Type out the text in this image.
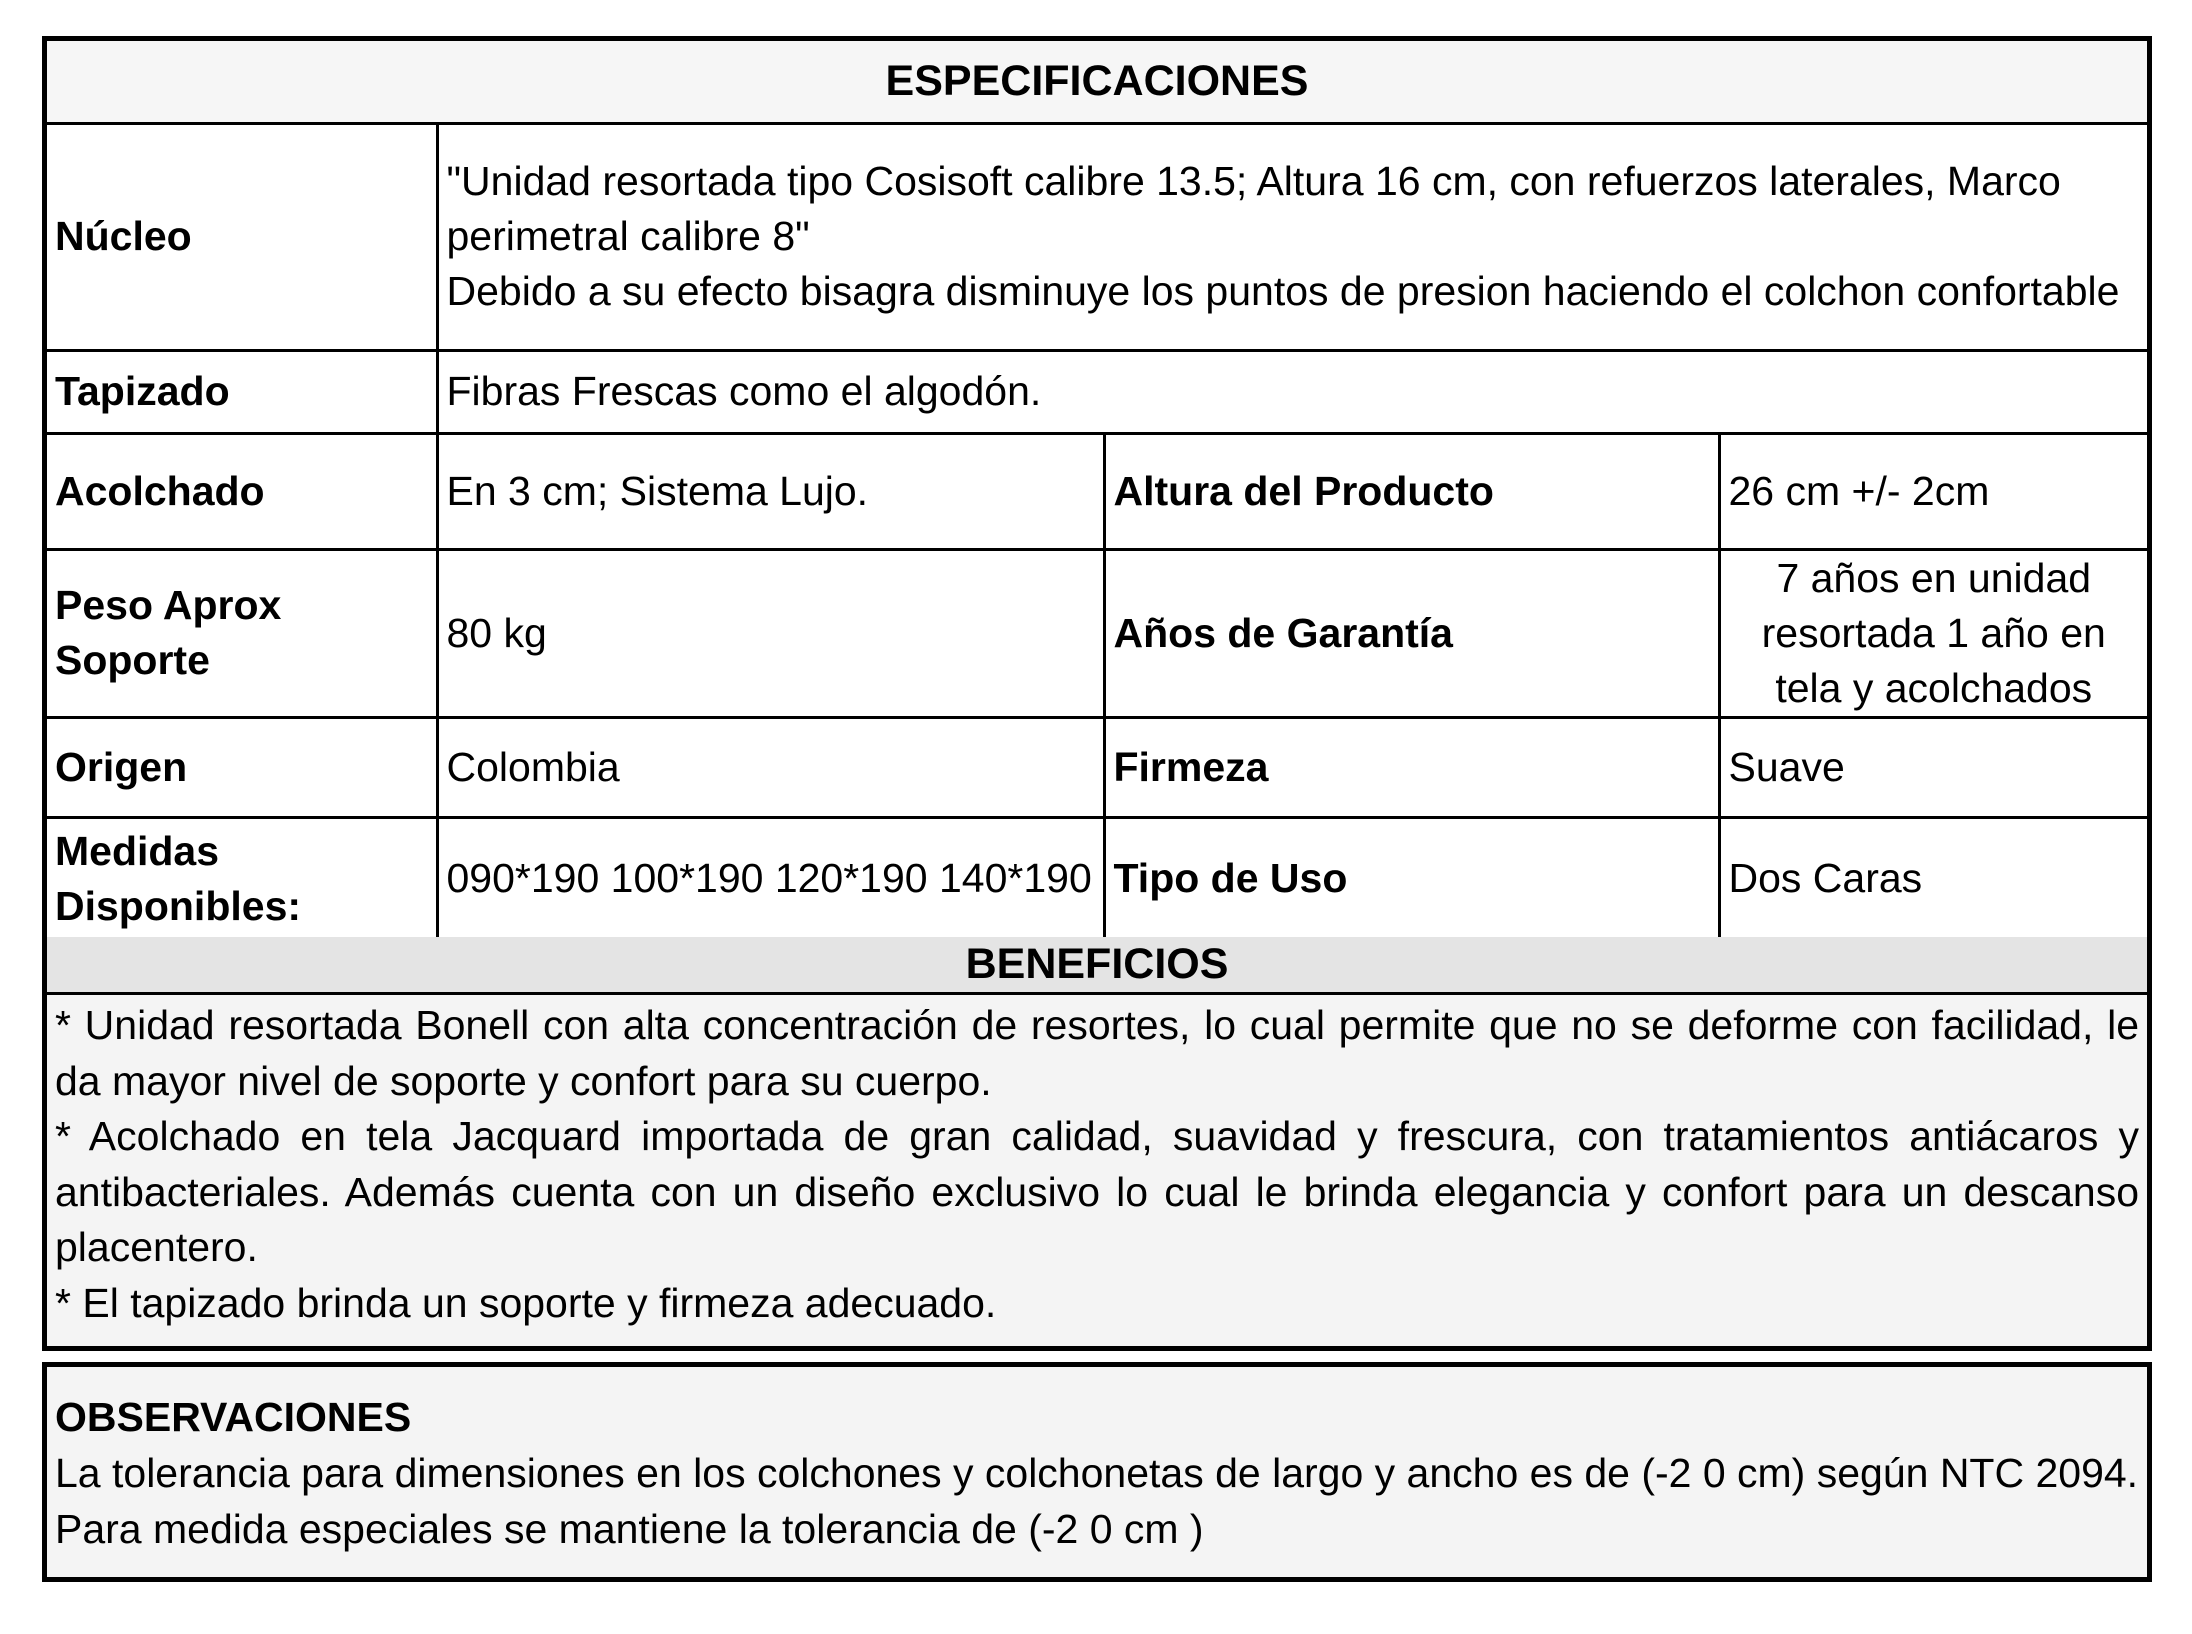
ESPECIFICACIONES
Núcleo	"Unidad resortada tipo Cosisoft calibre 13.5; Altura 16 cm, con refuerzos laterales, Marco perimetral calibre 8"
Debido a su efecto bisagra disminuye los puntos de presion haciendo el colchon confortable		

Tapizado	Fibras Frescas como el algodón.		
Acolchado	En 3 cm; Sistema Lujo.	Altura del Producto	26 cm +/- 2cm
Peso Aprox Soporte	80 kg	Años de Garantía	7 años en unidad resortada 1 año en tela y acolchados
Origen	Colombia	Firmeza	Suave
Medidas Disponibles:	090*190 100*190 120*190 140*190	Tipo de Uso	Dos Caras
BENEFICIOS

* Unidad resortada Bonell con alta concentración de resortes, lo cual permite que no se deforme con facilidad, le da mayor nivel de soporte y confort para su cuerpo.

* Acolchado en tela Jacquard importada de gran calidad, suavidad y frescura, con tratamientos antiácaros y antibacteriales. Además cuenta con un diseño exclusivo lo cual le brinda elegancia y confort para un descanso placentero.

* El tapizado brinda un soporte y firmeza adecuado.

OBSERVACIONES

La tolerancia para dimensiones en los colchones y colchonetas de largo y ancho es de (-2 0 cm) según NTC 2094. Para medida especiales se mantiene la tolerancia de (-2 0 cm )
